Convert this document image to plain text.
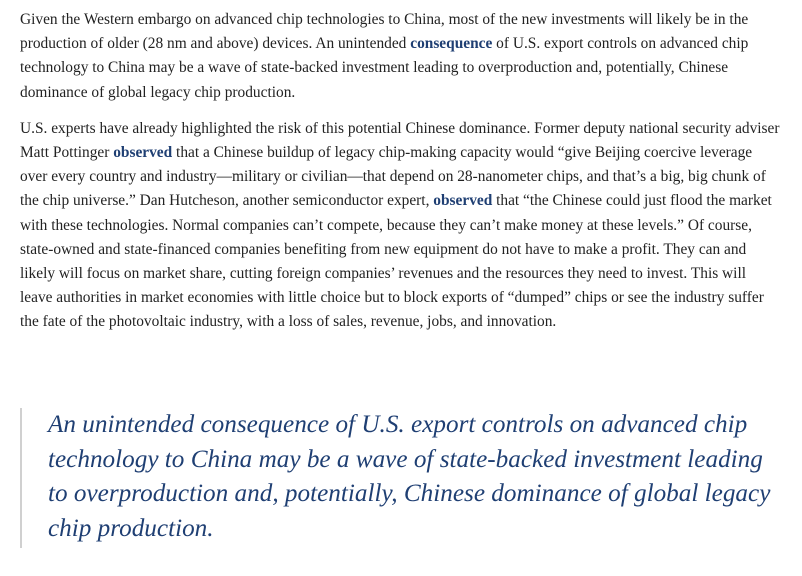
Given the Western embargo on advanced chip technologies to China, most of the new investments will likely be in the production of older (28 nm and above) devices. An unintended consequence of U.S. export controls on advanced chip technology to China may be a wave of state-backed investment leading to overproduction and, potentially, Chinese dominance of global legacy chip production.

U.S. experts have already highlighted the risk of this potential Chinese dominance. Former deputy national security adviser Matt Pottinger observed that a Chinese buildup of legacy chip-making capacity would “give Beijing coercive leverage over every country and industry—military or civilian—that depend on 28-nanometer chips, and that’s a big, big chunk of the chip universe.” Dan Hutcheson, another semiconductor expert, observed that “the Chinese could just flood the market with these technologies. Normal companies can’t compete, because they can’t make money at these levels.” Of course, state-owned and state-financed companies benefiting from new equipment do not have to make a profit. They can and likely will focus on market share, cutting foreign companies’ revenues and the resources they need to invest. This will leave authorities in market economies with little choice but to block exports of “dumped” chips or see the industry suffer the fate of the photovoltaic industry, with a loss of sales, revenue, jobs, and innovation.

An unintended consequence of U.S. export controls on advanced chip technology to China may be a wave of state-backed investment leading to overproduction and, potentially, Chinese dominance of global legacy chip production.
